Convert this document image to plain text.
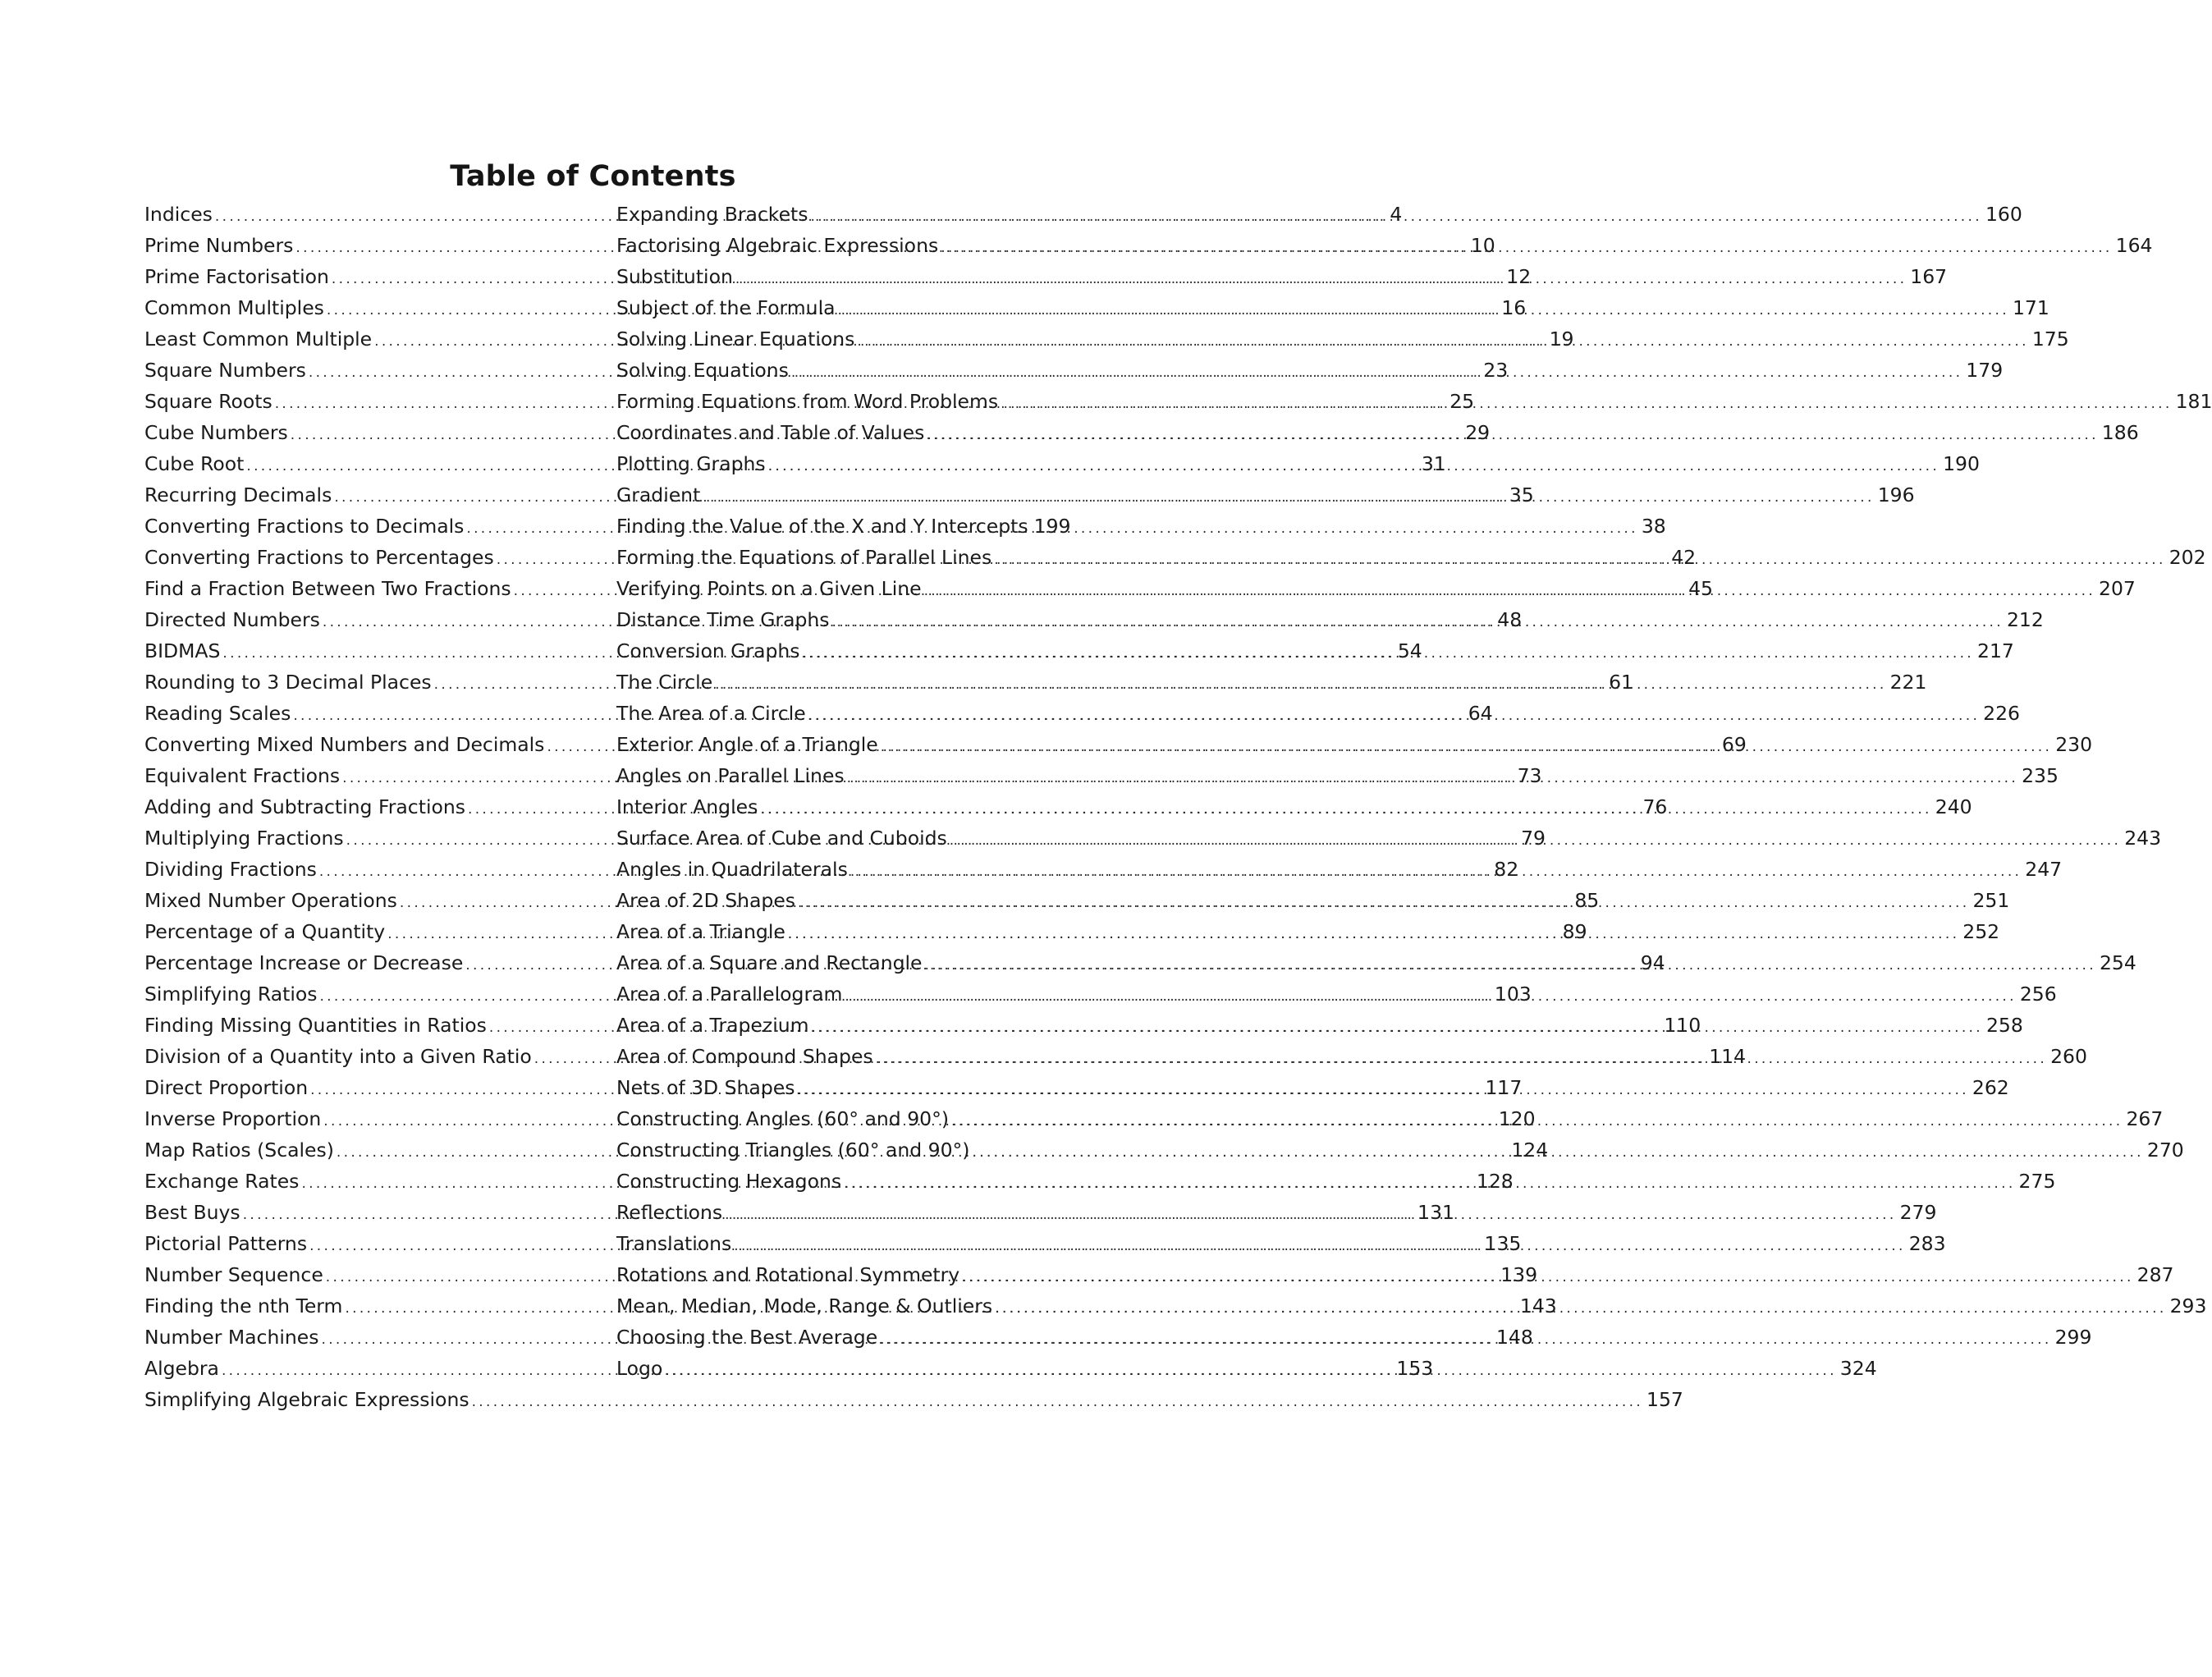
Table of Contents
Indices .....	4
Prime Numbers .....	10
Prime Factorisation .....	12
Common Multiples .....	16
Least Common Multiple .....	19
Square Numbers .....	23
Square Roots .....	25
Cube Numbers .....	29
Cube Root .....	31
Recurring Decimals .....	35
Converting Fractions to Decimals .....	38
Converting Fractions to Percentages .....	42
Find a Fraction Between Two Fractions .....	45
Directed Numbers .....	48
BIDMAS .....	54
Rounding to 3 Decimal Places .....	61
Reading Scales .....	64
Converting Mixed Numbers and Decimals .....	69
Equivalent Fractions .....	73
Adding and Subtracting Fractions .....	76
Multiplying Fractions .....	79
Dividing Fractions .....	82
Mixed Number Operations .....	85
Percentage of a Quantity .....	89
Percentage Increase or Decrease .....	94
Simplifying Ratios .....	103
Finding Missing Quantities in Ratios .....	110
Division of a Quantity into a Given Ratio .....	114
Direct Proportion .....	117
Inverse Proportion .....	120
Map Ratios (Scales) .....	124
Exchange Rates .....	128
Best Buys .....	131
Pictorial Patterns .....	135
Number Sequence .....	139
Finding the nth Term .....	143
Number Machines .....	148
Algebra .....	153
Simplifying Algebraic Expressions .....	157
Expanding Brackets .....	160
Factorising Algebraic Expressions .....	164
Substitution .....	167
Subject of the Formula .....	171
Solving Linear Equations .....	175
Solving Equations .....	179
Forming Equations from Word Problems .....	181
Coordinates and Table of Values .....	186
Plotting Graphs .....	190
Gradient .....	196
Finding the Value of the X and Y Intercepts 199
Forming the Equations of Parallel Lines .....	202
Verifying Points on a Given Line .....	207
Distance Time Graphs .....	212
Conversion Graphs .....	217
The Circle .....	221
The Area of a Circle .....	226
Exterior Angle of a Triangle .....	230
Angles on Parallel Lines .....	235
Interior Angles .....	240
Surface Area of Cube and Cuboids .....	243
Angles in Quadrilaterals .....	247
Area of 2D Shapes .....	251
Area of a Triangle .....	252
Area of a Square and Rectangle .....	254
Area of a Parallelogram .....	256
Area of a Trapezium .....	258
Area of Compound Shapes .....	260
Nets of 3D Shapes .....	262
Constructing Angles (60° and 90°) .....	267
Constructing Triangles (60° and 90°) .....	270
Constructing Hexagons .....	275
Reflections .....	279
Translations .....	283
Rotations and Rotational Symmetry .....	287
Mean, Median, Mode, Range & Outliers .....	293
Choosing the Best Average .....	299
Logo .....	324
